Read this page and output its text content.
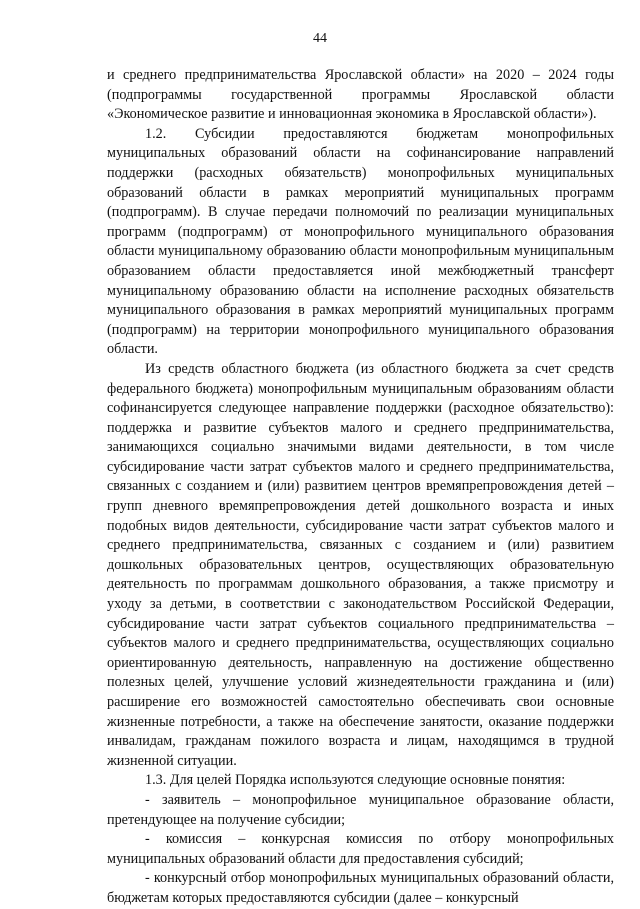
44

и среднего предпринимательства Ярославской области» на 2020 – 2024 годы (подпрограммы государственной программы Ярославской области «Экономическое развитие и инновационная экономика в Ярославской области»).

1.2. Субсидии предоставляются бюджетам монопрофильных муниципальных образований области на софинансирование направлений поддержки (расходных обязательств) монопрофильных муниципальных образований области в рамках мероприятий муниципальных программ (подпрограмм). В случае передачи полномочий по реализации муниципальных программ (подпрограмм) от монопрофильного муниципального образования области муниципальному образованию области монопрофильным муниципальным образованием области предоставляется иной межбюджетный трансферт муниципальному образованию области на исполнение расходных обязательств муниципального образования в рамках мероприятий муниципальных программ (подпрограмм) на территории монопрофильного муниципального образования области.

Из средств областного бюджета (из областного бюджета за счет средств федерального бюджета) монопрофильным муниципальным образованиям области софинансируется следующее направление поддержки (расходное обязательство): поддержка и развитие субъектов малого и среднего предпринимательства, занимающихся социально значимыми видами деятельности, в том числе субсидирование части затрат субъектов малого и среднего предпринимательства, связанных с созданием и (или) развитием центров времяпрепровождения детей – групп дневного времяпрепровождения детей дошкольного возраста и иных подобных видов деятельности, субсидирование части затрат субъектов малого и среднего предпринимательства, связанных с созданием и (или) развитием дошкольных образовательных центров, осуществляющих образовательную деятельность по программам дошкольного образования, а также присмотру и уходу за детьми, в соответствии с законодательством Российской Федерации, субсидирование части затрат субъектов социального предпринимательства – субъектов малого и среднего предпринимательства, осуществляющих социально ориентированную деятельность, направленную на достижение общественно полезных целей, улучшение условий жизнедеятельности гражданина и (или) расширение его возможностей самостоятельно обеспечивать свои основные жизненные потребности, а также на обеспечение занятости, оказание поддержки инвалидам, гражданам пожилого возраста и лицам, находящимся в трудной жизненной ситуации.

1.3. Для целей Порядка используются следующие основные понятия:

- заявитель – монопрофильное муниципальное образование области, претендующее на получение субсидии;

- комиссия – конкурсная комиссия по отбору монопрофильных муниципальных образований области для предоставления субсидий;

- конкурсный отбор монопрофильных муниципальных образований области, бюджетам которых предоставляются субсидии (далее – конкурсный
